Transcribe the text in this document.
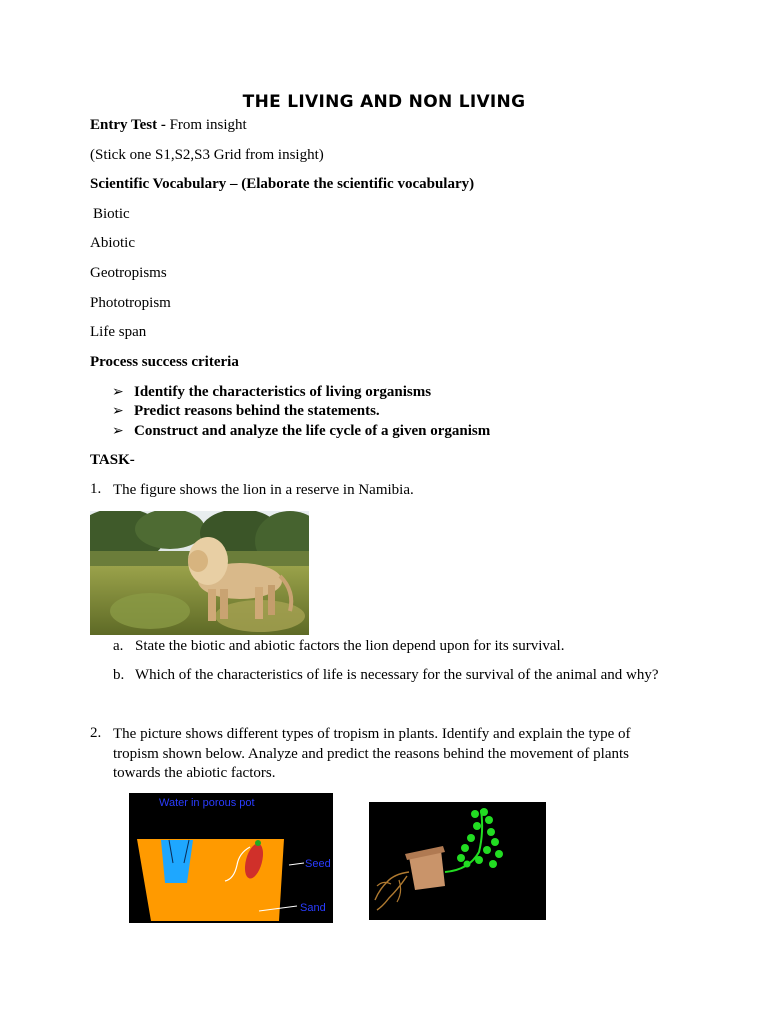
THE LIVING AND NON LIVING
Entry Test - From insight
(Stick one S1,S2,S3 Grid from insight)
Scientific Vocabulary – (Elaborate the scientific vocabulary)
Biotic
Abiotic
Geotropisms
Phototropism
Life span
Process success criteria
➢ Identify the characteristics of living organisms
➢ Predict reasons behind the statements.
➢ Construct and analyze the life cycle of a given organism
TASK-
1. The figure shows the lion in a reserve in Namibia.
a. State the biotic and abiotic factors the lion depend upon for its survival.
b. Which of the characteristics of life is necessary for the survival of the animal and why?
2. The picture shows different types of tropism in plants. Identify and explain the type of tropism shown below. Analyze and predict the reasons behind the movement of plants towards the abiotic factors.
Water in porous pot
Seed
Sand
